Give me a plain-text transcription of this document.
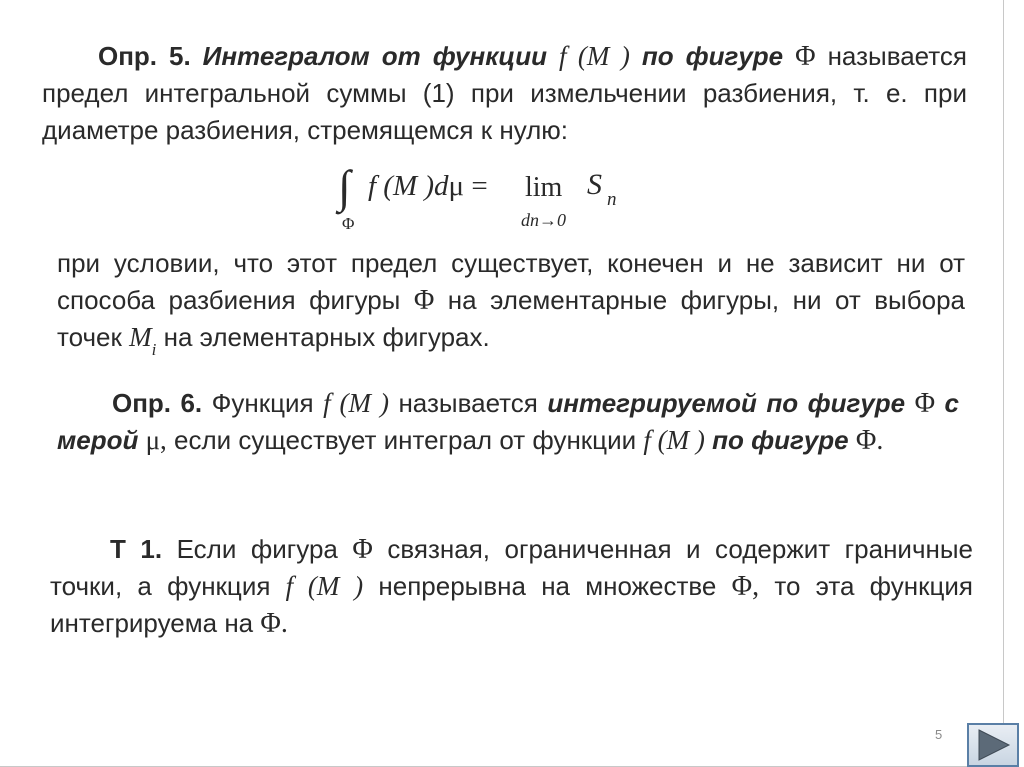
Опр. 5. Интегралом от функции f (M ) по фигуре Φ называется предел интегральной суммы (1) при измельчении разбиения, т. е. при диаметре разбиения, стремящемся к нулю:

∫
Φ
f (M )dμ = lim
dn→0
S n

при условии, что этот предел существует, конечен и не зависит ни от способа разбиения фигуры Φ на элементарные фигуры, ни от выбора точек $M_i$ на элементарных фигурах.

Опр. 6. Функция f (M ) называется интегрируемой по фигуре Φ с мерой μ, если существует интеграл от функции f (M ) по фигуре Φ.

Т 1. Если фигура Φ связная, ограниченная и содержит граничные точки, а функция f (M ) непрерывна на множестве Φ, то эта функция интегрируема на Φ.

5
